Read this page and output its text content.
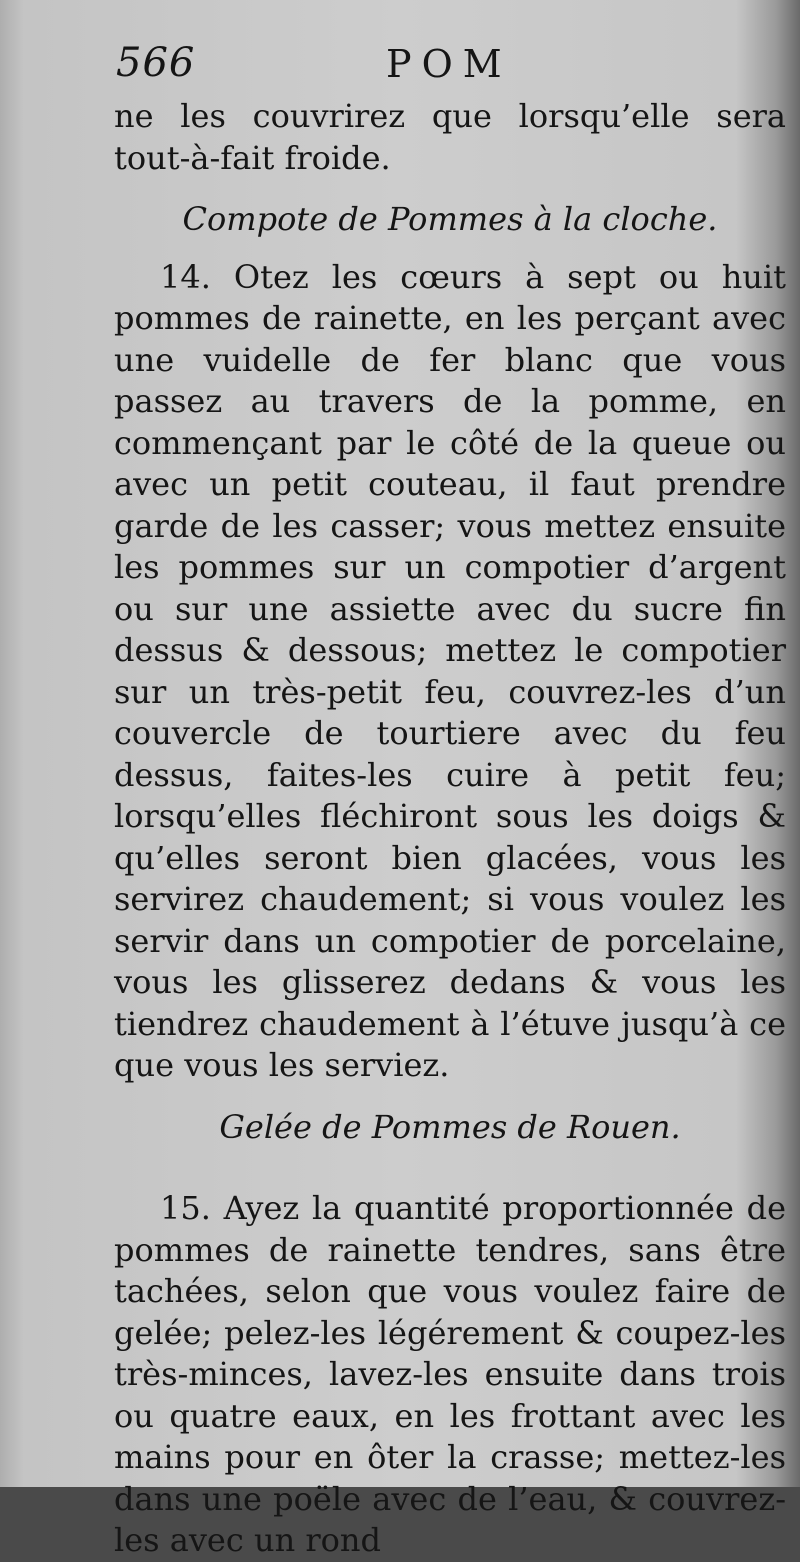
566	POM

ne les couvrirez que lorsqu’elle sera tout-à-fait froide.

Compote de Pommes à la cloche.

14. Otez les cœurs à sept ou huit pommes de rainette, en les perçant avec une vuidelle de fer blanc que vous passez au travers de la pomme, en commençant par le côté de la queue ou avec un petit couteau, il faut prendre garde de les casser; vous mettez ensuite les pommes sur un compotier d’argent ou sur une assiette avec du sucre fin dessus & dessous; mettez le compotier sur un très-petit feu, couvrez-les d’un couvercle de tourtiere avec du feu dessus, faites-les cuire à petit feu; lorsqu’elles fléchiront sous les doigs & qu’elles seront bien glacées, vous les servirez chaudement; si vous voulez les servir dans un compotier de porcelaine, vous les glisserez dedans & vous les tiendrez chaudement à l’étuve jusqu’à ce que vous les serviez.

Gelée de Pommes de Rouen.

15. Ayez la quantité proportionnée de pommes de rainette tendres, sans être tachées, selon que vous voulez faire de gelée; pelez-les légérement & coupez-les très-minces, lavez-les ensuite dans trois ou quatre eaux, en les frottant avec les mains pour en ôter la crasse; mettez-les dans une poële avec de l’eau, & couvrez-les avec un rond
